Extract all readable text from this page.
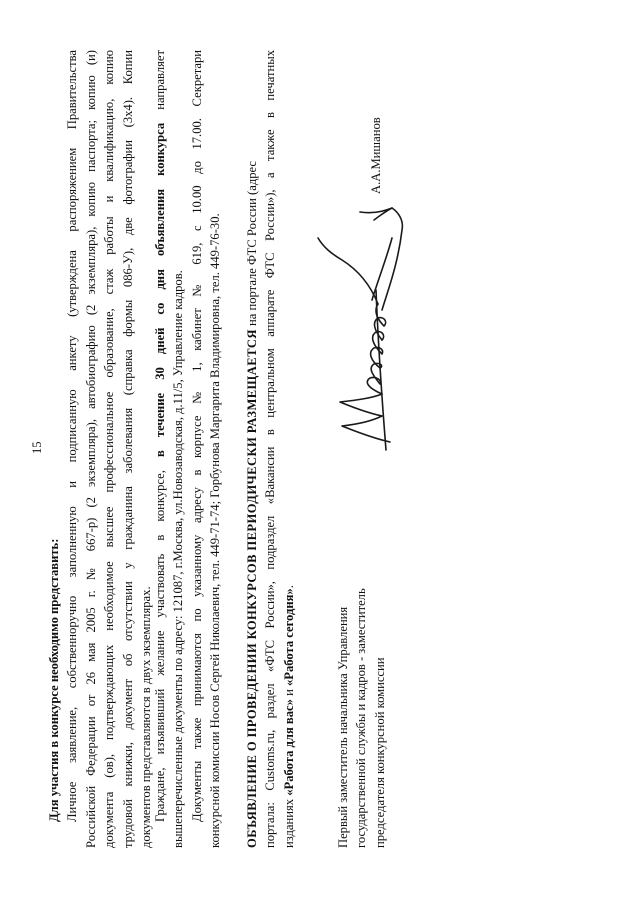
15

Для участия в конкурсе необходимо представить: Личное заявление, собственноручно заполненную и подписанную анкету (утверждена распоряжением Правительства Российской Федерации от 26 мая 2005 г. № 667-р) (2 экземпляра), автобиографию (2 экземпляра), копию паспорта; копию (и) документа (ов), подтверждающих необходимое высшее профессиональное образование, стаж работы и квалификацию, копию трудовой книжки, документ об отсутствии у гражданина заболевания (справка формы 086-У), две фотографии (3х4). Копии документов представляются в двух экземплярах. Граждане, изъявивший желание участвовать в конкурсе, в течение 30 дней со дня объявления конкурса направляет

вышеперечисленные документы по адресу: 121087, г.Москва, ул.Новозаводская, д.11/5, Управление кадров. Документы также принимаются по указанному адресу в корпусе № 1, кабинет № 619, с 10.00 до 17.00. Секретари конкурсной комиссии Носов Сергей Николаевич, тел. 449-71-74; Горбунова Маргарита Владимировна, тел. 449-76-30. ОБЪЯВЛЕНИЕ О ПРОВЕДЕНИИ КОНКУРСОВ ПЕРИОДИЧЕСКИ РАЗМЕЩАЕТСЯ на портале ФТС России (адрес портала: Customs.ru, раздел «ФТС России», подраздел «Вакансии в центральном аппарате ФТС России»), а также в печатных изданиях «Работа для вас» и «Работа сегодня».

Первый заместитель начальника Управления государственной службы и кадров - заместитель председателя конкурсной комиссии
А.А.Мишанов
